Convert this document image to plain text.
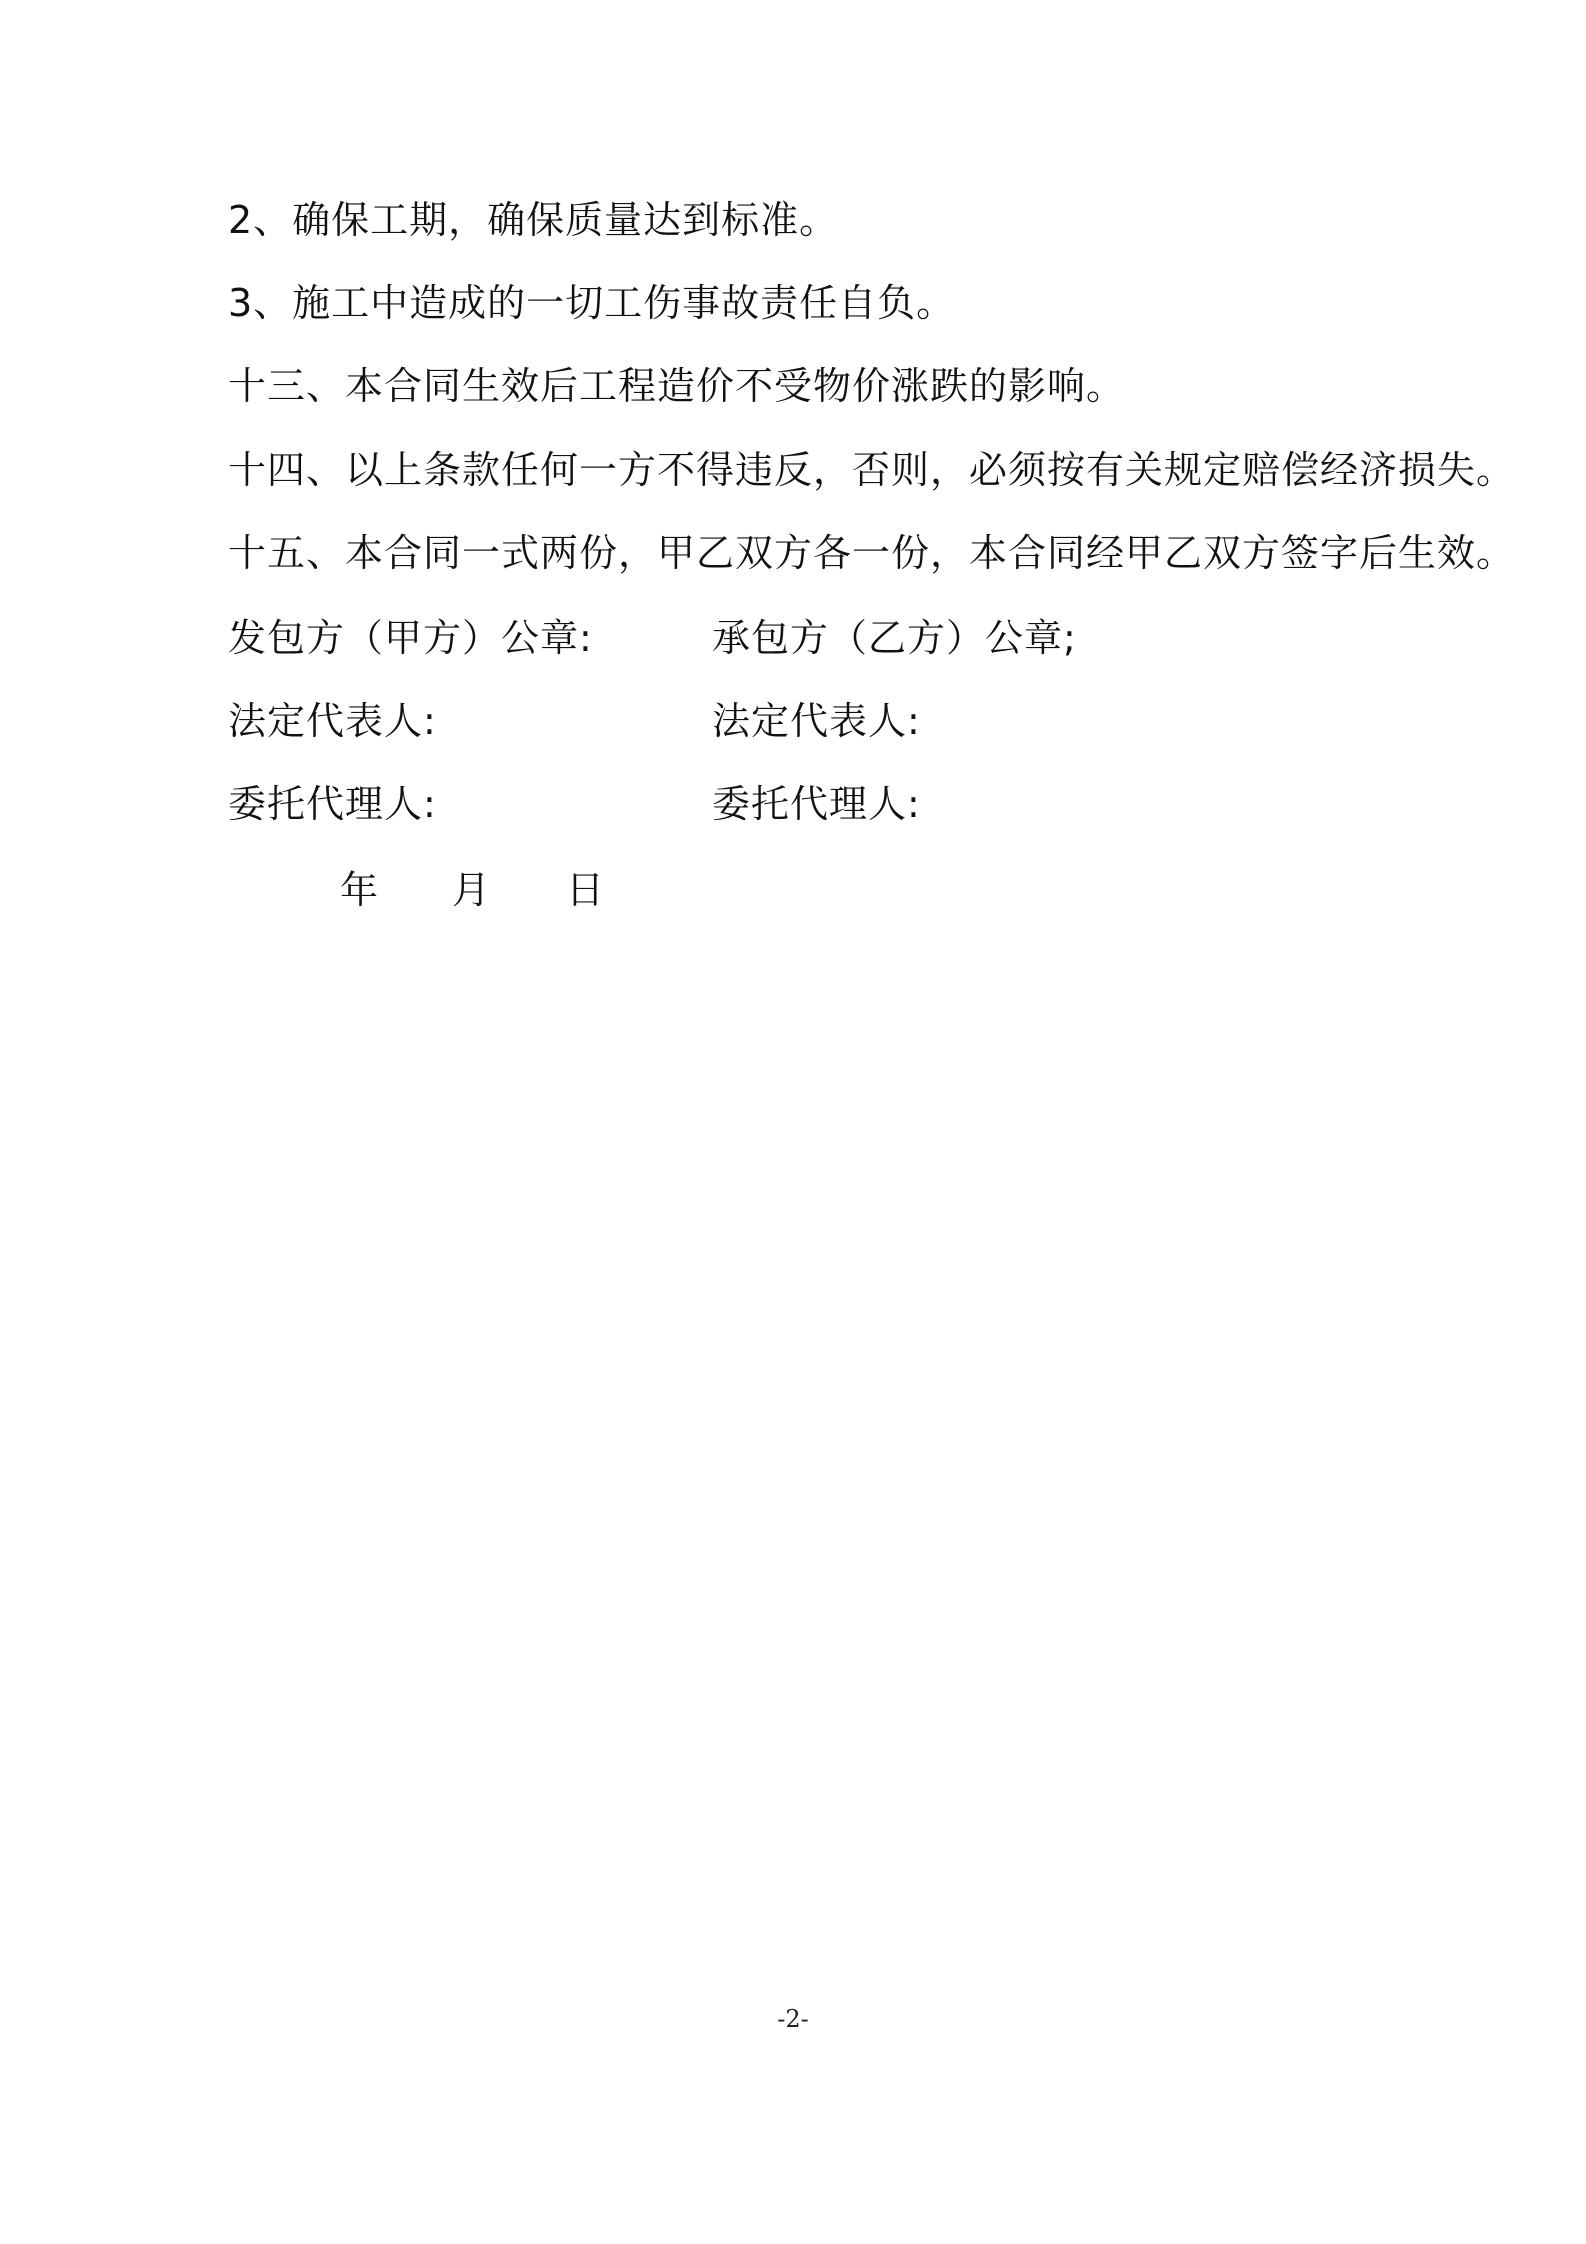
2、确保工期，确保质量达到标准。
3、施工中造成的一切工伤事故责任自负。
十三、本合同生效后工程造价不受物价涨跌的影响。
十四、以上条款任何一方不得违反，否则，必须按有关规定赔偿经济损失。
十五、本合同一式两份，甲乙双方各一份，本合同经甲乙双方签字后生效。
发包方（甲方）公章:	承包方（乙方）公章;
法定代表人:	法定代表人:
委托代理人:	委托代理人:
年 月 日
-2-
